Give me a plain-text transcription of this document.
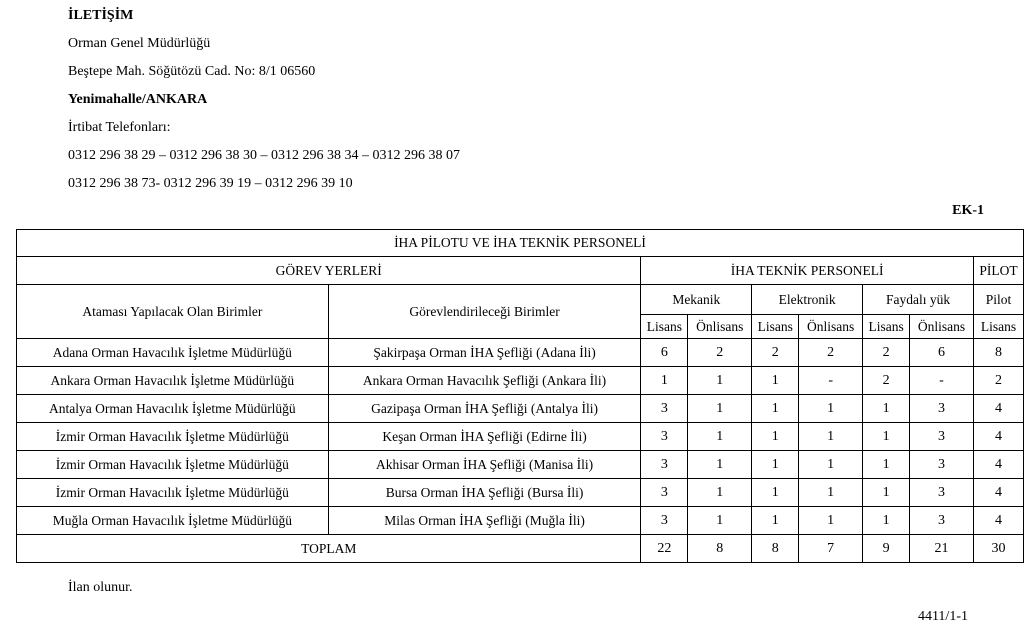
İLETİŞİM
Orman Genel Müdürlüğü
Beştepe Mah. Söğütözü Cad. No: 8/1 06560
Yenimahalle/ANKARA
İrtibat Telefonları:
0312 296 38 29 – 0312 296 38 30 – 0312 296 38 34 – 0312 296 38 07
0312 296 38 73- 0312 296 39 19 – 0312 296 39 10
EK-1
İHA PİLOTU VE İHA TEKNİK PERSONELİ								
GÖREV YERLERİ		İHA TEKNİK PERSONELİ						PİLOT
Ataması Yapılacak Olan Birimler	Görevlendirileceği Birimler	Mekanik		Elektronik		Faydalı yük		Pilot
		Lisans	Önlisans	Lisans	Önlisans	Lisans	Önlisans	Lisans
Adana Orman Havacılık İşletme Müdürlüğü	Şakirpaşa Orman İHA Şefliği (Adana İli)	6	2	2	2	2	6	8
Ankara Orman Havacılık İşletme Müdürlüğü	Ankara Orman Havacılık Şefliği (Ankara İli)	1	1	1	-	2	-	2
Antalya Orman Havacılık İşletme Müdürlüğü	Gazipaşa Orman İHA Şefliği (Antalya İli)	3	1	1	1	1	3	4
İzmir Orman Havacılık İşletme Müdürlüğü	Keşan Orman İHA Şefliği (Edirne İli)	3	1	1	1	1	3	4
İzmir Orman Havacılık İşletme Müdürlüğü	Akhisar Orman İHA Şefliği (Manisa İli)	3	1	1	1	1	3	4
İzmir Orman Havacılık İşletme Müdürlüğü	Bursa Orman İHA Şefliği (Bursa İli)	3	1	1	1	1	3	4
Muğla Orman Havacılık İşletme Müdürlüğü	Milas Orman İHA Şefliği (Muğla İli)	3	1	1	1	1	3	4
TOPLAM		22	8	8	7	9	21	30
İlan olunur.
4411/1-1
